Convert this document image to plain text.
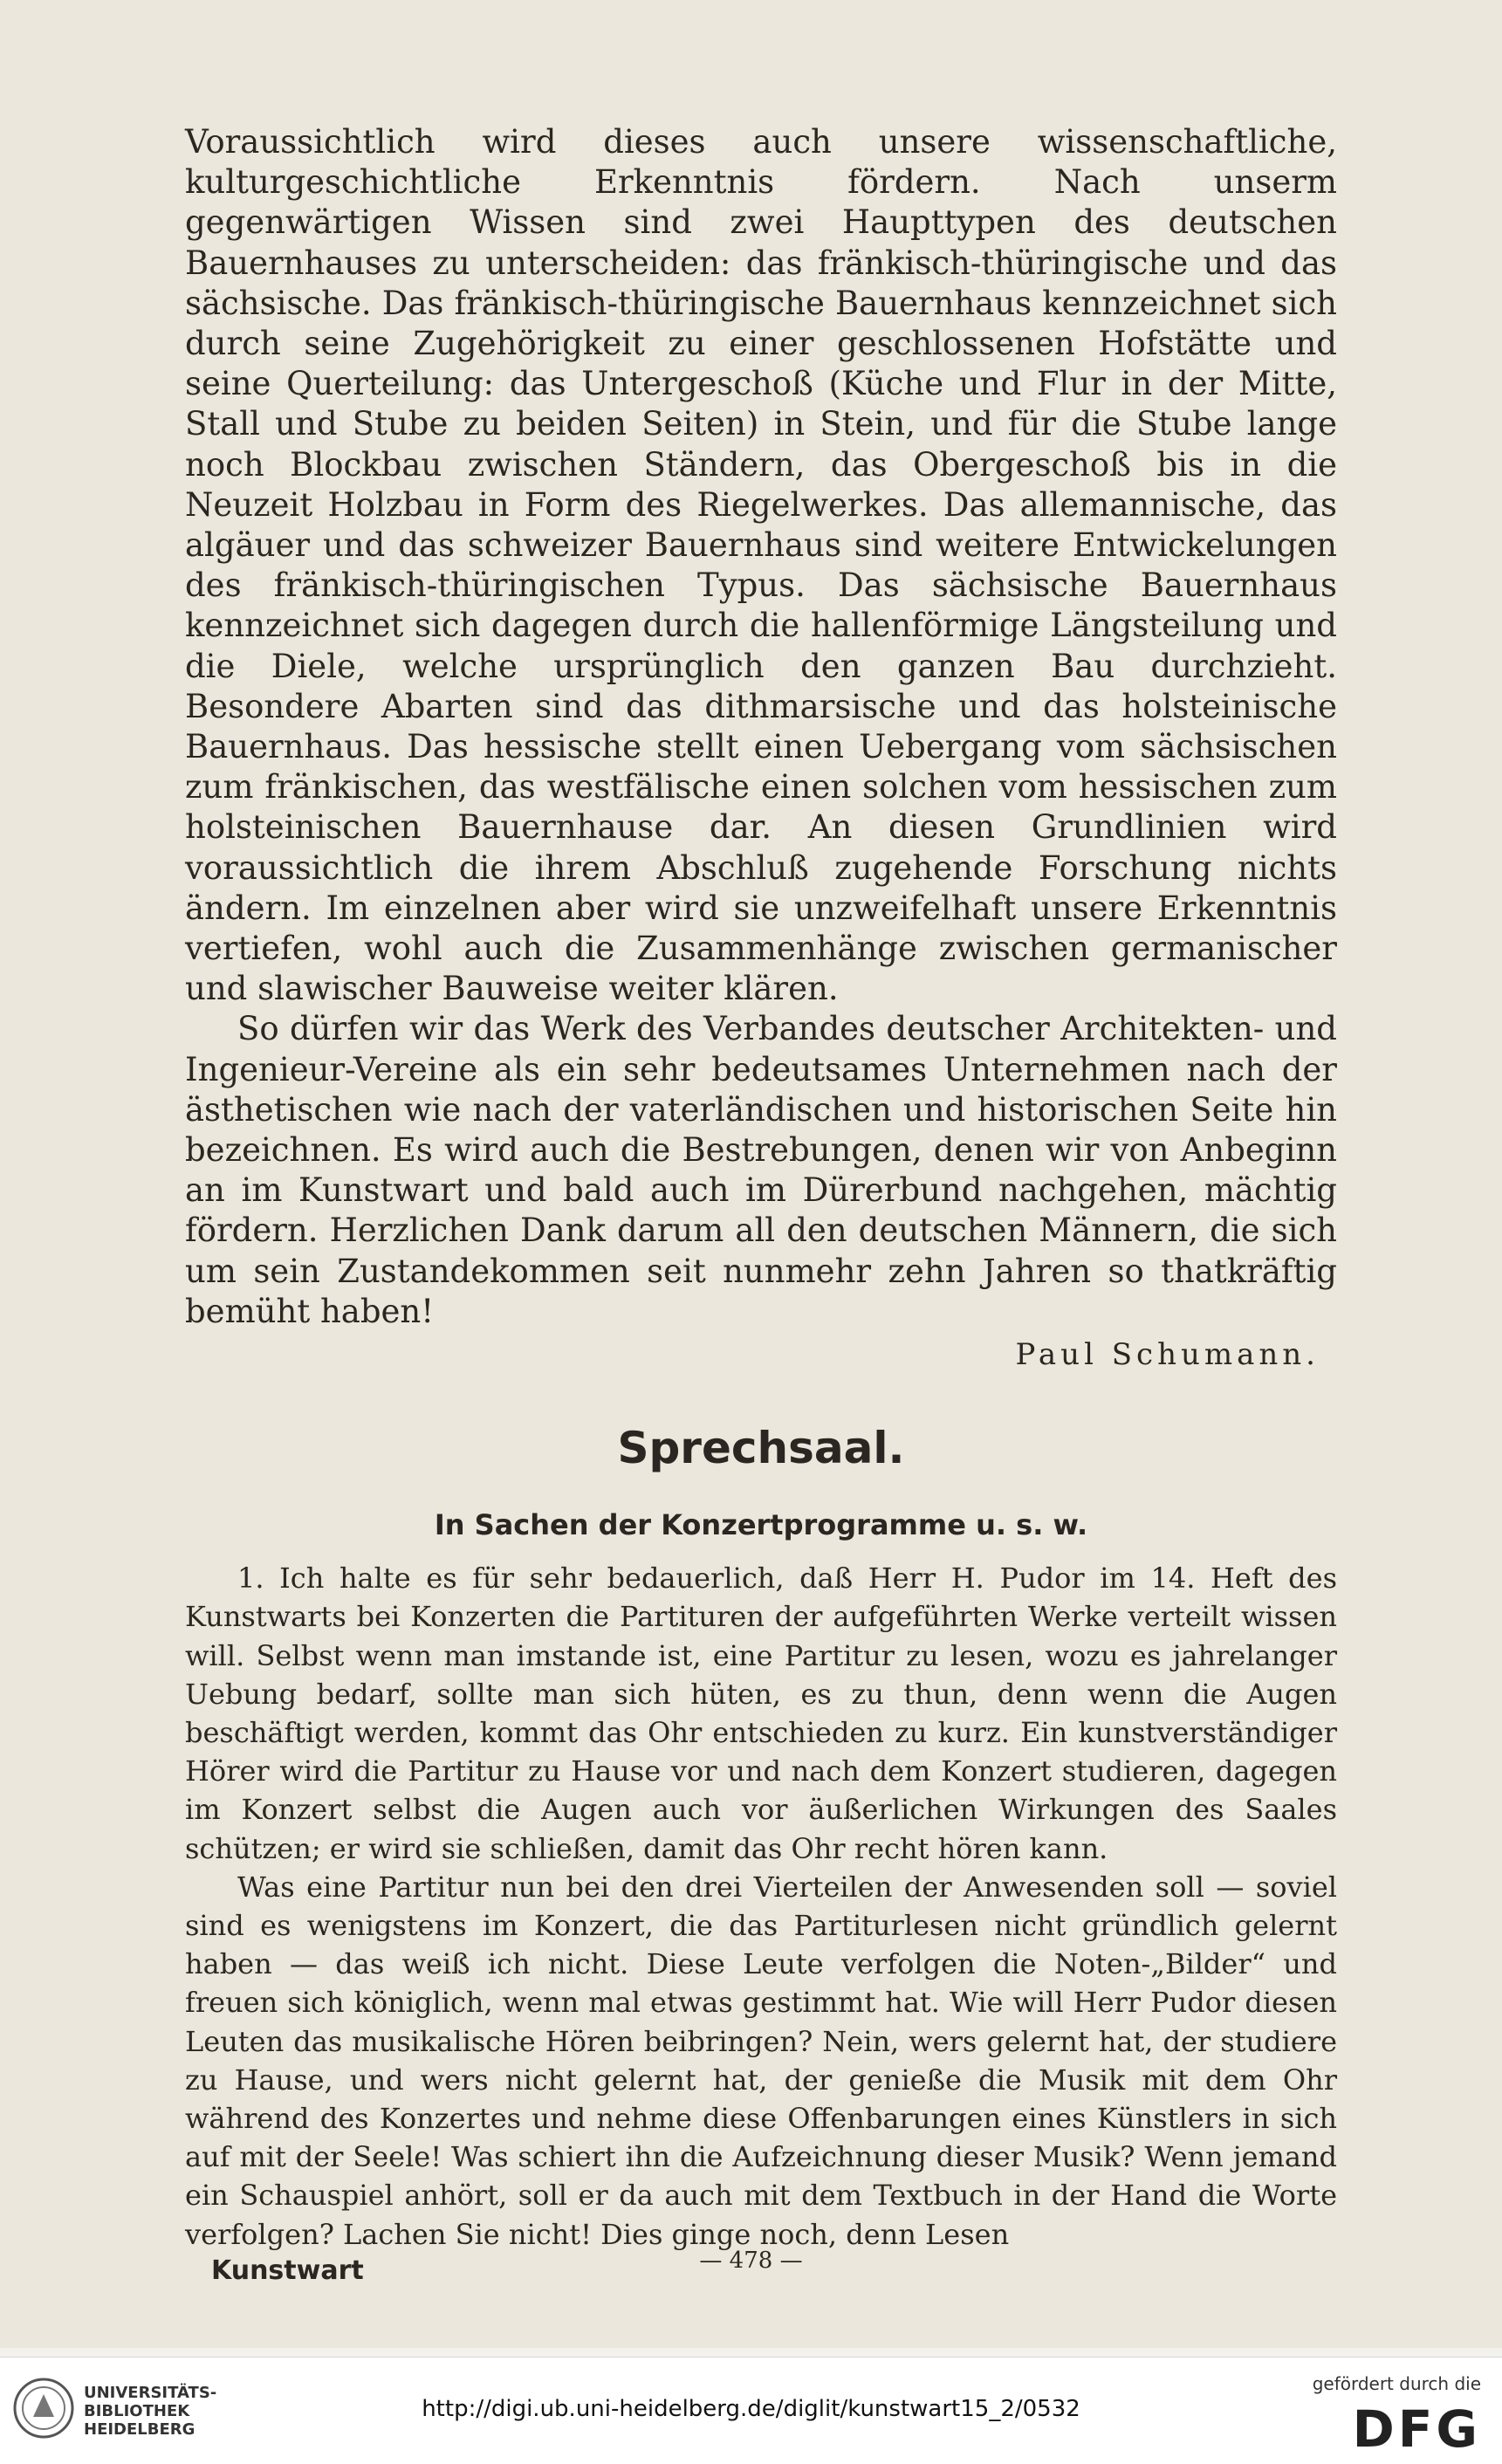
Voraussichtlich wird dieses auch unsere wissenschaftliche, kulturgeschichtliche Erkenntnis fördern. Nach unserm gegenwärtigen Wissen sind zwei Haupttypen des deutschen Bauernhauses zu unterscheiden: das fränkisch-thüringische und das sächsische. Das fränkisch-thüringische Bauernhaus kennzeichnet sich durch seine Zugehörigkeit zu einer geschlossenen Hofstätte und seine Querteilung: das Untergeschoß (Küche und Flur in der Mitte, Stall und Stube zu beiden Seiten) in Stein, und für die Stube lange noch Blockbau zwischen Ständern, das Obergeschoß bis in die Neuzeit Holzbau in Form des Riegelwerkes. Das allemannische, das algäuer und das schweizer Bauernhaus sind weitere Entwickelungen des fränkisch-thüringischen Typus. Das sächsische Bauernhaus kennzeichnet sich dagegen durch die hallenförmige Längsteilung und die Diele, welche ursprünglich den ganzen Bau durchzieht. Besondere Abarten sind das dithmarsische und das holsteinische Bauernhaus. Das hessische stellt einen Uebergang vom sächsischen zum fränkischen, das westfälische einen solchen vom hessischen zum holsteinischen Bauernhause dar. An diesen Grundlinien wird voraussichtlich die ihrem Abschluß zugehende Forschung nichts ändern. Im einzelnen aber wird sie unzweifelhaft unsere Erkenntnis vertiefen, wohl auch die Zusammenhänge zwischen germanischer und slawischer Bauweise weiter klären.

So dürfen wir das Werk des Verbandes deutscher Architekten- und Ingenieur-Vereine als ein sehr bedeutsames Unternehmen nach der ästhetischen wie nach der vaterländischen und historischen Seite hin bezeichnen. Es wird auch die Bestrebungen, denen wir von Anbeginn an im Kunstwart und bald auch im Dürerbund nachgehen, mächtig fördern. Herzlichen Dank darum all den deutschen Männern, die sich um sein Zustandekommen seit nunmehr zehn Jahren so thatkräftig bemüht haben!

Paul Schumann.
Sprechsaal.
In Sachen der Konzertprogramme u. s. w.

1. Ich halte es für sehr bedauerlich, daß Herr H. Pudor im 14. Heft des Kunstwarts bei Konzerten die Partituren der aufgeführten Werke verteilt wissen will. Selbst wenn man imstande ist, eine Partitur zu lesen, wozu es jahrelanger Uebung bedarf, sollte man sich hüten, es zu thun, denn wenn die Augen beschäftigt werden, kommt das Ohr entschieden zu kurz. Ein kunstverständiger Hörer wird die Partitur zu Hause vor und nach dem Konzert studieren, dagegen im Konzert selbst die Augen auch vor äußerlichen Wirkungen des Saales schützen; er wird sie schließen, damit das Ohr recht hören kann.

Was eine Partitur nun bei den drei Vierteilen der Anwesenden soll — soviel sind es wenigstens im Konzert, die das Partiturlesen nicht gründlich gelernt haben — das weiß ich nicht. Diese Leute verfolgen die Noten-„Bilder“ und freuen sich königlich, wenn mal etwas gestimmt hat. Wie will Herr Pudor diesen Leuten das musikalische Hören beibringen? Nein, wers gelernt hat, der studiere zu Hause, und wers nicht gelernt hat, der genieße die Musik mit dem Ohr während des Konzertes und nehme diese Offenbarungen eines Künstlers in sich auf mit der Seele! Was schiert ihn die Aufzeichnung dieser Musik? Wenn jemand ein Schauspiel anhört, soll er da auch mit dem Textbuch in der Hand die Worte verfolgen? Lachen Sie nicht! Dies ginge noch, denn Lesen

Kunstwart	— 478 —
UNIVERSITÄTS-
BIBLIOTHEK
HEIDELBERG
http://digi.ub.uni-heidelberg.de/diglit/kunstwart15_2/0532
gefördert durch die
DFG
